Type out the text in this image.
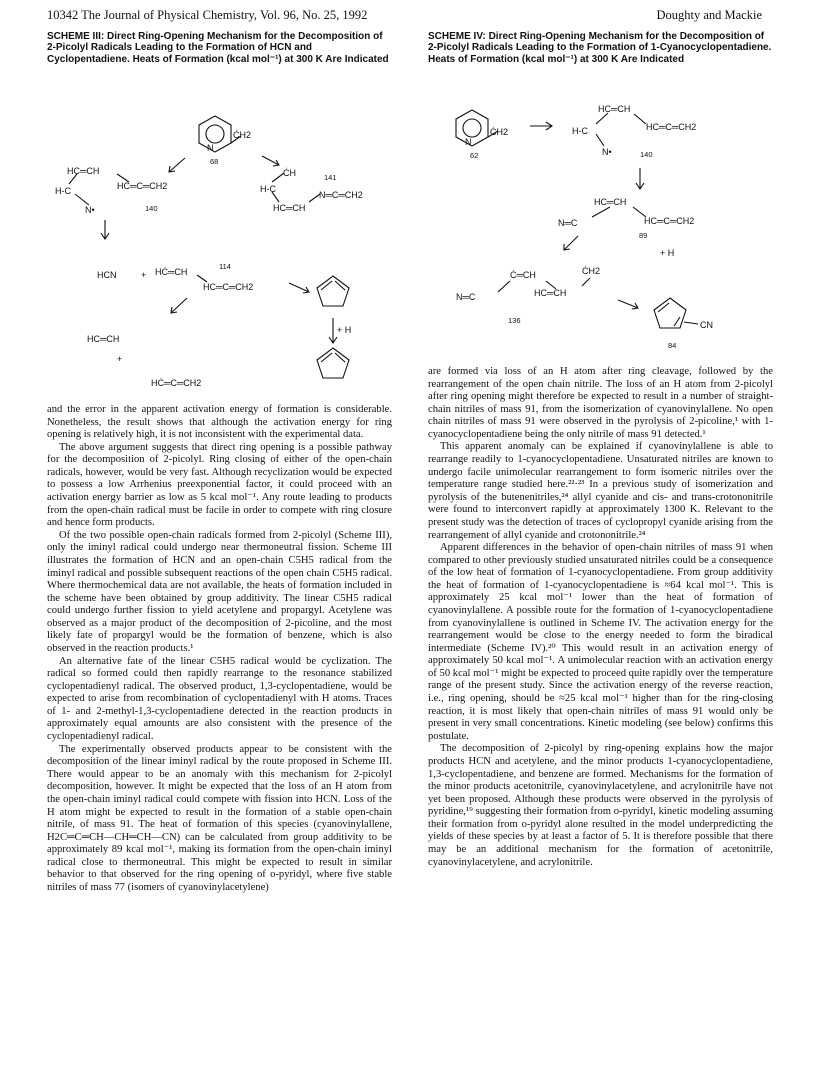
10342 The Journal of Physical Chemistry, Vol. 96, No. 25, 1992	Doughty and Mackie
SCHEME III: Direct Ring-Opening Mechanism for the Decomposition of 2-Picolyl Radicals Leading to the Formation of HCN and Cyclopentadiene. Heats of Formation (kcal mol⁻¹) at 300 K Are Indicated
ĊH2
N
68
HC═CH
HC═C═CH2
H-C
N•	140
ĊH	141
H-C
N═C═CH2
HC═CH
HCN	+ HĊ═CH
114
HC═C═CH2
HC═CH
+
HĊ═C═CH2
+ H
SCHEME IV: Direct Ring-Opening Mechanism for the Decomposition of 2-Picolyl Radicals Leading to the Formation of 1-Cyanocyclopentadiene. Heats of Formation (kcal mol⁻¹) at 300 K Are Indicated
ĊH2
N
62
HC═CH
H-C	HC═C═CH2
N•	140
HC═CH
N═C	HC═C═CH2
89
+ H
Ċ═CH	ĊH2
N═C	HC═CH
136	CN
84

and the error in the apparent activation energy of formation is considerable. Nonetheless, the result shows that although the activation energy for ring opening is relatively high, it is not inconsistent with the experimental data.

The above argument suggests that direct ring opening is a possible pathway for the decomposition of 2-picolyl. Ring closing of either of the open-chain radicals, however, would be very fast. Although recyclization would be expected to possess a low Arrhenius preexponential factor, it could proceed with an activation energy barrier as low as 5 kcal mol⁻¹. Any route leading to products from the open-chain radical must be facile in order to compete with ring closure and hence form products.

Of the two possible open-chain radicals formed from 2-picolyl (Scheme III), only the iminyl radical could undergo near thermoneutral fission. Scheme III illustrates the formation of HCN and an open-chain C5H5 radical from the iminyl radical and possible subsequent reactions of the open chain C5H5 radical. Where thermochemical data are not available, the heats of formation included in the scheme have been obtained by group additivity. The linear C5H5 radical could undergo further fission to yield acetylene and propargyl. Acetylene was observed as a major product of the decomposition of 2-picoline, and the most likely fate of propargyl would be the formation of benzene, which is also observed in the reaction products.¹

An alternative fate of the linear C5H5 radical would be cyclization. The radical so formed could then rapidly rearrange to the resonance stabilized cyclopentadienyl radical. The observed product, 1,3-cyclopentadiene, would be expected to arise from recombination of cyclopentadienyl with H atoms. Traces of 1- and 2-methyl-1,3-cyclopentadiene detected in the reaction products in approximately equal amounts are also consistent with the presence of the cyclopentadienyl radical.

The experimentally observed products appear to be consistent with the decomposition of the linear iminyl radical by the route proposed in Scheme III. There would appear to be an anomaly with this mechanism for 2-picolyl decomposition, however. It might be expected that the loss of an H atom from the open-chain iminyl radical could compete with fission into HCN. Loss of the H atom might be expected to result in the formation of a stable open-chain nitrile, of mass 91. The heat of formation of this species (cyanovinylallene, H2C═C═CH—CH═CH—CN) can be calculated from group additivity to be approximately 89 kcal mol⁻¹, making its formation from the open-chain iminyl radical close to thermoneutral. This might be expected to result in similar behavior to that observed for the ring opening of o-pyridyl, where five stable nitriles of mass 77 (isomers of cyanovinylacetylene)

are formed via loss of an H atom after ring cleavage, followed by the rearrangement of the open chain nitrile. The loss of an H atom from 2-picolyl after ring opening might therefore be expected to result in a number of straight-chain nitriles of mass 91, from the isomerization of cyanovinylallene. No open chain nitriles of mass 91 were observed in the pyrolysis of 2-picoline,¹ with 1-cyanocyclopentadiene being the only nitrile of mass 91 detected.¹

This apparent anomaly can be explained if cyanovinylallene is able to rearrange readily to 1-cyanocyclopentadiene. Unsaturated nitriles are known to undergo facile unimolecular rearrangement to form isomeric nitriles over the temperature range studied here.²²·²³ In a previous study of isomerization and pyrolysis of the butenenitriles,²⁴ allyl cyanide and cis- and trans-crotononitrile were found to interconvert rapidly at approximately 1300 K. Relevant to the present study was the detection of traces of cyclopropyl cyanide arising from the rearrangement of allyl cyanide and crotononitrile.²⁴

Apparent differences in the behavior of open-chain nitriles of mass 91 when compared to other previously studied unsaturated nitriles could be a consequence of the low heat of formation of 1-cyanocyclopentadiene. From group additivity the heat of formation of 1-cyanocyclopentadiene is ≈64 kcal mol⁻¹. This is approximately 25 kcal mol⁻¹ lower than the heat of formation of cyanovinylallene. A possible route for the formation of 1-cyanocyclopentadiene from cyanovinylallene is outlined in Scheme IV. The activation energy for the rearrangement would be close to the energy needed to form the biradical intermediate (Scheme IV).²⁰ This would result in an activation energy of approximately 50 kcal mol⁻¹. A unimolecular reaction with an activation energy of 50 kcal mol⁻¹ might be expected to proceed quite rapidly over the temperature range of the present study. Since the activation energy of the reverse reaction, i.e., ring opening, should be ≈25 kcal mol⁻¹ higher than for the ring-closing reaction, it is most likely that open-chain nitriles of mass 91 would only be present in very small concentrations. Kinetic modeling (see below) confirms this postulate.

The decomposition of 2-picolyl by ring-opening explains how the major products HCN and acetylene, and the minor products 1-cyanocyclopentadiene, 1,3-cyclopentadiene, and benzene are formed. Mechanisms for the formation of the minor products acetonitrile, cyanovinylacetylene, and acrylonitrile have not yet been proposed. Although these products were observed in the pyrolysis of pyridine,¹⁹ suggesting their formation from o-pyridyl, kinetic modeling assuming their formation from o-pyridyl alone resulted in the model underpredicting the yields of these species by at least a factor of 5. It is therefore possible that there may be an additional mechanism for the formation of acetonitrile, cyanovinylacetylene, and acrylonitrile.
